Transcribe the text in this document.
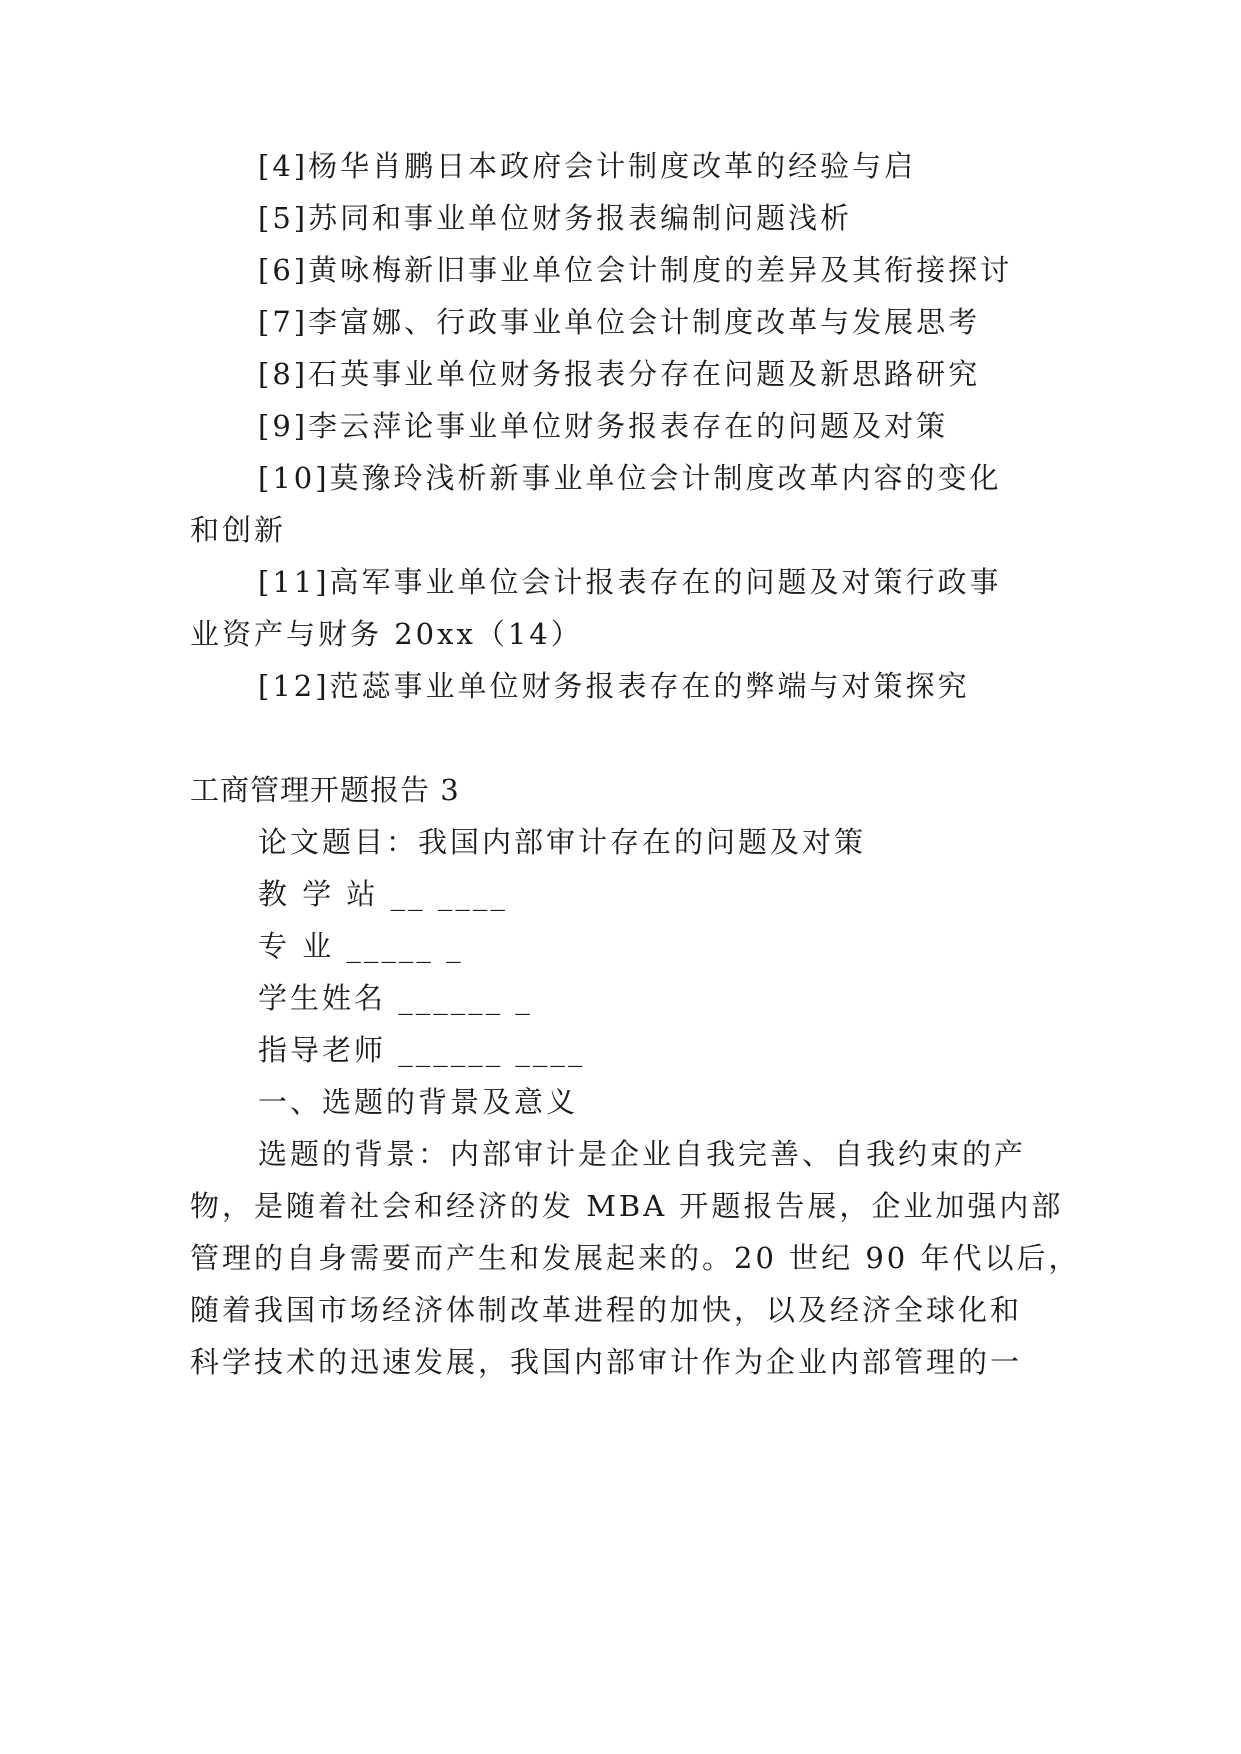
[4]杨华肖鹏日本政府会计制度改革的经验与启
[5]苏同和事业单位财务报表编制问题浅析
[6]黄咏梅新旧事业单位会计制度的差异及其衔接探讨
[7]李富娜、行政事业单位会计制度改革与发展思考
[8]石英事业单位财务报表分存在问题及新思路研究
[9]李云萍论事业单位财务报表存在的问题及对策
[10]莫豫玲浅析新事业单位会计制度改革内容的变化
和创新
[11]高军事业单位会计报表存在的问题及对策行政事
业资产与财务 20xx（14）
[12]范蕊事业单位财务报表存在的弊端与对策探究
工商管理开题报告 3
论文题目：我国内部审计存在的问题及对策
教 学 站 __ ____
专 业 _____ _
学生姓名 ______ _
指导老师 ______ ____
一、选题的背景及意义
选题的背景：内部审计是企业自我完善、自我约束的产
物，是随着社会和经济的发 MBA 开题报告展，企业加强内部
管理的自身需要而产生和发展起来的。20 世纪 90 年代以后，
随着我国市场经济体制改革进程的加快，以及经济全球化和
科学技术的迅速发展，我国内部审计作为企业内部管理的一
